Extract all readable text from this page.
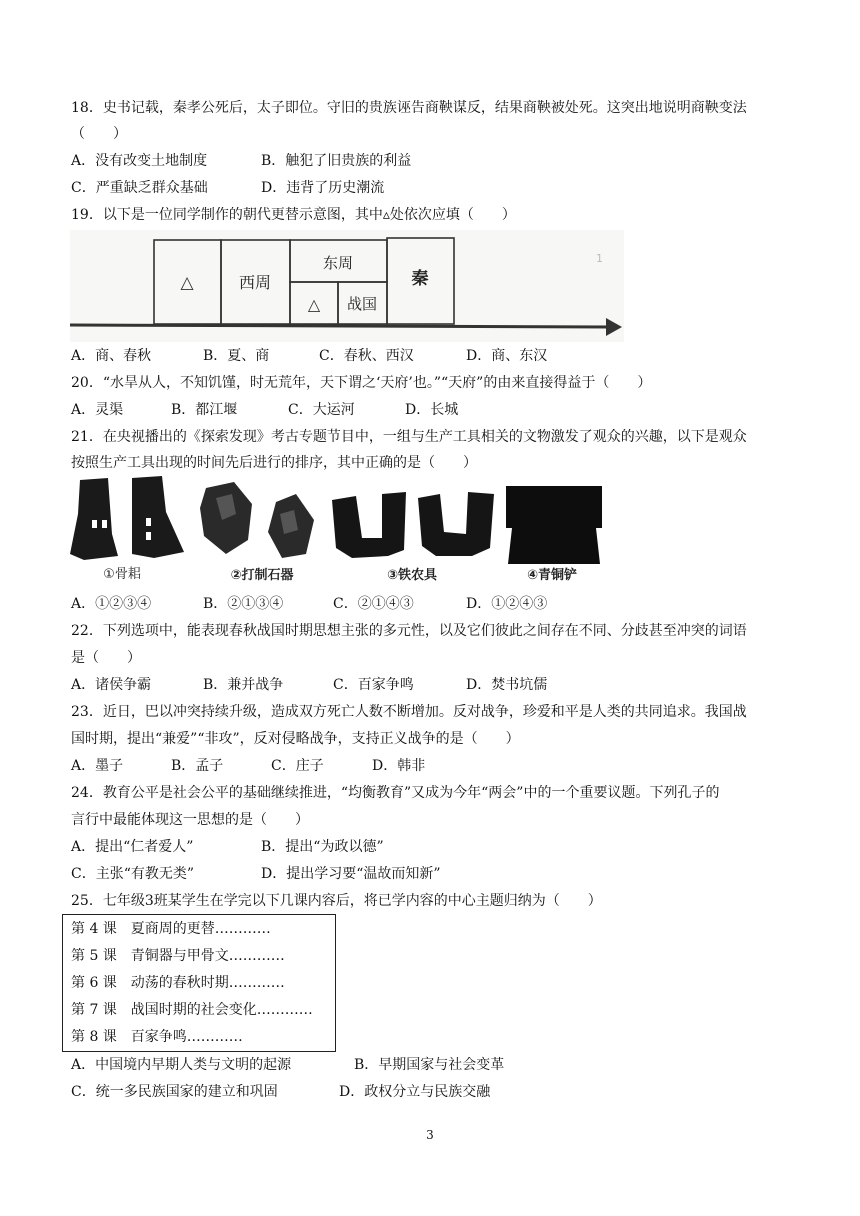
18．史书记载，秦孝公死后，太子即位。守旧的贵族诬告商鞅谋反，结果商鞅被处死。这突出地说明商鞅变法
（　　）
A．没有改变土地制度	B．触犯了旧贵族的利益
C．严重缺乏群众基础	D．违背了历史潮流
19．以下是一位同学制作的朝代更替示意图，其中▵处依次应填（　　）
△	西周
东周
△ 战国
秦
1
A．商、春秋	B．夏、商	C．春秋、西汉	D．商、东汉
20．“水旱从人，不知饥馑，时无荒年，天下谓之‘天府’也。”“天府”的由来直接得益于（　　）
A．灵渠	B．都江堰	C．大运河	D．长城
21．在央视播出的《探索发现》考古专题节目中，一组与生产工具相关的文物激发了观众的兴趣，以下是观众
按照生产工具出现的时间先后进行的排序，其中正确的是（　　）
①骨耜	②打制石器	③铁农具	④青铜铲
A．①②③④	B．②①③④	C．②①④③	D．①②④③
22．下列选项中，能表现春秋战国时期思想主张的多元性，以及它们彼此之间存在不同、分歧甚至冲突的词语
是（　　）
A．诸侯争霸	B．兼并战争	C．百家争鸣	D．焚书坑儒
23．近日，巴以冲突持续升级，造成双方死亡人数不断增加。反对战争，珍爱和平是人类的共同追求。我国战
国时期，提出“兼爱”“非攻”，反对侵略战争，支持正义战争的是（　　）
A．墨子	B．孟子	C．庄子	D．韩非
24．教育公平是社会公平的基础继续推进，“均衡教育”又成为今年“两会”中的一个重要议题。下列孔子的
言行中最能体现这一思想的是（　　）
A．提出“仁者爱人”	B．提出“为政以德”
C．主张“有教无类”	D．提出学习要“温故而知新”
25．七年级3班某学生在学完以下几课内容后，将已学内容的中心主题归纳为（　　）
第 4 课　夏商周的更替…………
第 5 课　青铜器与甲骨文…………
第 6 课　动荡的春秋时期…………
第 7 课　战国时期的社会变化…………
第 8 课　百家争鸣…………
A．中国境内早期人类与文明的起源	B．早期国家与社会变革
C．统一多民族国家的建立和巩固	D．政权分立与民族交融
3
